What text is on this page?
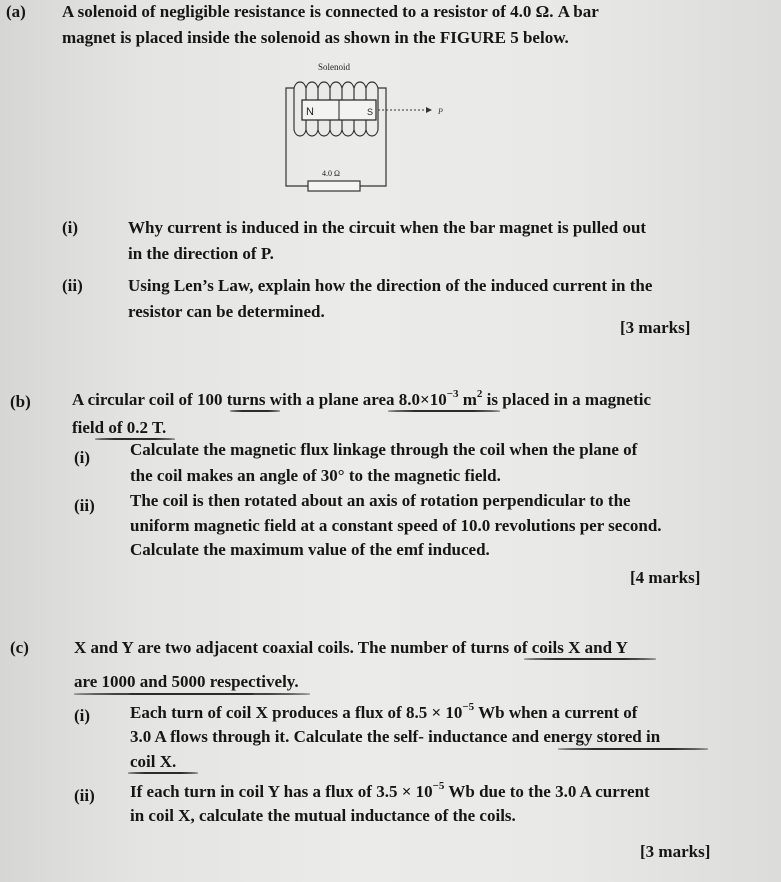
(a) A solenoid of negligible resistance is connected to a resistor of 4.0 Ω. A bar
magnet is placed inside the solenoid as shown in the FIGURE 5 below.
Solenoid
N	S	P
4.0 Ω
(i)	Why current is induced in the circuit when the bar magnet is pulled out
in the direction of P.
(ii)	Using Len’s Law, explain how the direction of the induced current in the
resistor can be determined.
[3 marks]
(b) A circular coil of 100 turns with a plane area $8.0\times 10^{-3}$ $m^2$ is placed in a magnetic
field of 0.2 T.
(i) Calculate the magnetic flux linkage through the coil when the plane of
the coil makes an angle of 30° to the magnetic field.
(ii) The coil is then rotated about an axis of rotation perpendicular to the
uniform magnetic field at a constant speed of 10.0 revolutions per second.
Calculate the maximum value of the emf induced.
[4 marks]
(c)	X and Y are two adjacent coaxial coils. The number of turns of coils X and Y
are 1000 and 5000 respectively.
(i) Each turn of coil X produces a flux of $8.5 \times 10^{-5}$ Wb when a current of
3.0 A flows through it. Calculate the self- inductance and energy stored in
coil X.
(ii) If each turn in coil Y has a flux of $3.5 \times 10^{-5}$ Wb due to the 3.0 A current
in coil X, calculate the mutual inductance of the coils.
[3 marks]
